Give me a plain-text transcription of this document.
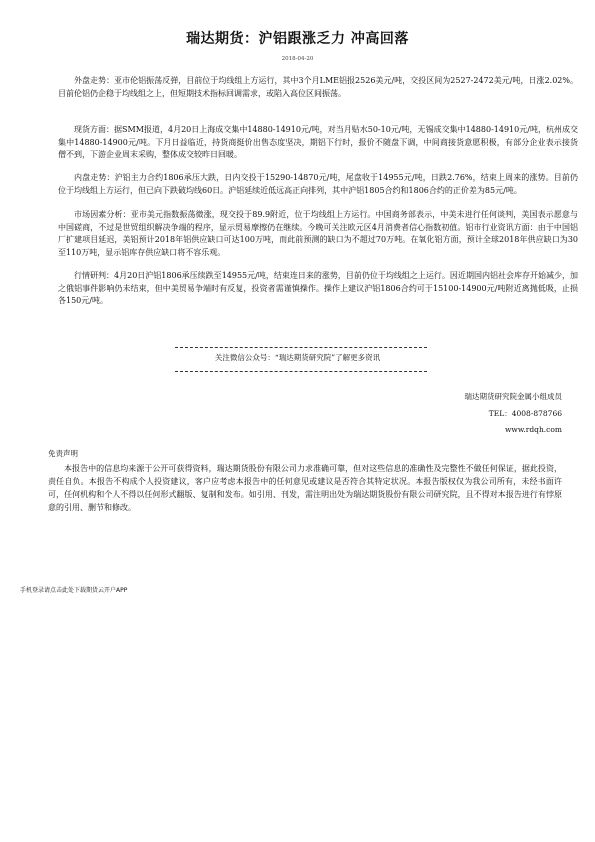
瑞达期货：沪铝跟涨乏力 冲高回落
2018-04-20

外盘走势：亚市伦铝振荡反弹，目前位于均线组上方运行，其中3个月LME铝报2526美元/吨，交投区间为2527-2472美元/吨，日涨2.02%。目前伦铝仍企稳于均线组之上，但短期技术指标回调需求，或陷入高位区间振荡。

现货方面：据SMM报道，4月20日上海成交集中14880-14910元/吨，对当月贴水50-10元/吨，无锡成交集中14880-14910元/吨，杭州成交集中14880-14900元/吨。下月日益临近，持货商挺价出售态度坚决，期铝下行时，报价不随盘下调，中间商接货意愿积极，有部分企业表示接货僧不到，下游企业周末采购，整体成交较昨日回暖。

内盘走势：沪铝主力合约1806承压大跌，日内交投于15290-14870元/吨，尾盘收于14955元/吨，日跌2.76%，结束上周来的涨势。目前仍位于均线组上方运行，但已向下跌破均线60日。沪铝延续近低远高正向排列，其中沪铝1805合约和1806合约的正价差为85元/吨。

市场因素分析：亚市美元指数振荡微涨，现交投于89.9附近，位于均线组上方运行。中国商务部表示，中美未进行任何谈判，美国表示愿意与中国磋商，不过是世贸组织解决争端的程序，显示贸易摩擦仍在继续。今晚可关注欧元区4月消费者信心指数初值。铝市行业资讯方面：由于中国铝厂扩建项目延迟，美铝预计2018年铝供应缺口可达100万吨，而此前预测的缺口为不超过70万吨。在氧化铝方面，预计全球2018年供应缺口为30至110万吨，显示铝库存供应缺口将不容乐观。

行情研判：4月20日沪铝1806承压续跌至14955元/吨，结束连日来的涨势，目前仍位于均线组之上运行。因近期国内铝社会库存开始减少，加之俄铝事件影响仍未结束，但中美贸易争端时有反复，投资者需谨慎操作。操作上建议沪铝1806合约可于15100-14900元/吨附近离抛低吸，止损各150元/吨。

关注微信公众号：“瑞达期货研究院”了解更多资讯
瑞达期货研究院金属小组成员
TEL：4008-878766
www.rdqh.com
免责声明

本报告中的信息均来源于公开可获得资料，瑞达期货股份有限公司力求准确可靠，但对这些信息的准确性及完整性不做任何保证，据此投资，责任自负。本报告不构成个人投资建议，客户应考虑本报告中的任何意见或建议是否符合其特定状况。本报告版权仅为我公司所有，未经书面许可，任何机构和个人不得以任何形式翻版、复制和发布。如引用、刊发，需注明出处为瑞达期货股份有限公司研究院，且不得对本报告进行有悖原意的引用、删节和修改。

手机登录请点击此处下载期货云开户APP
